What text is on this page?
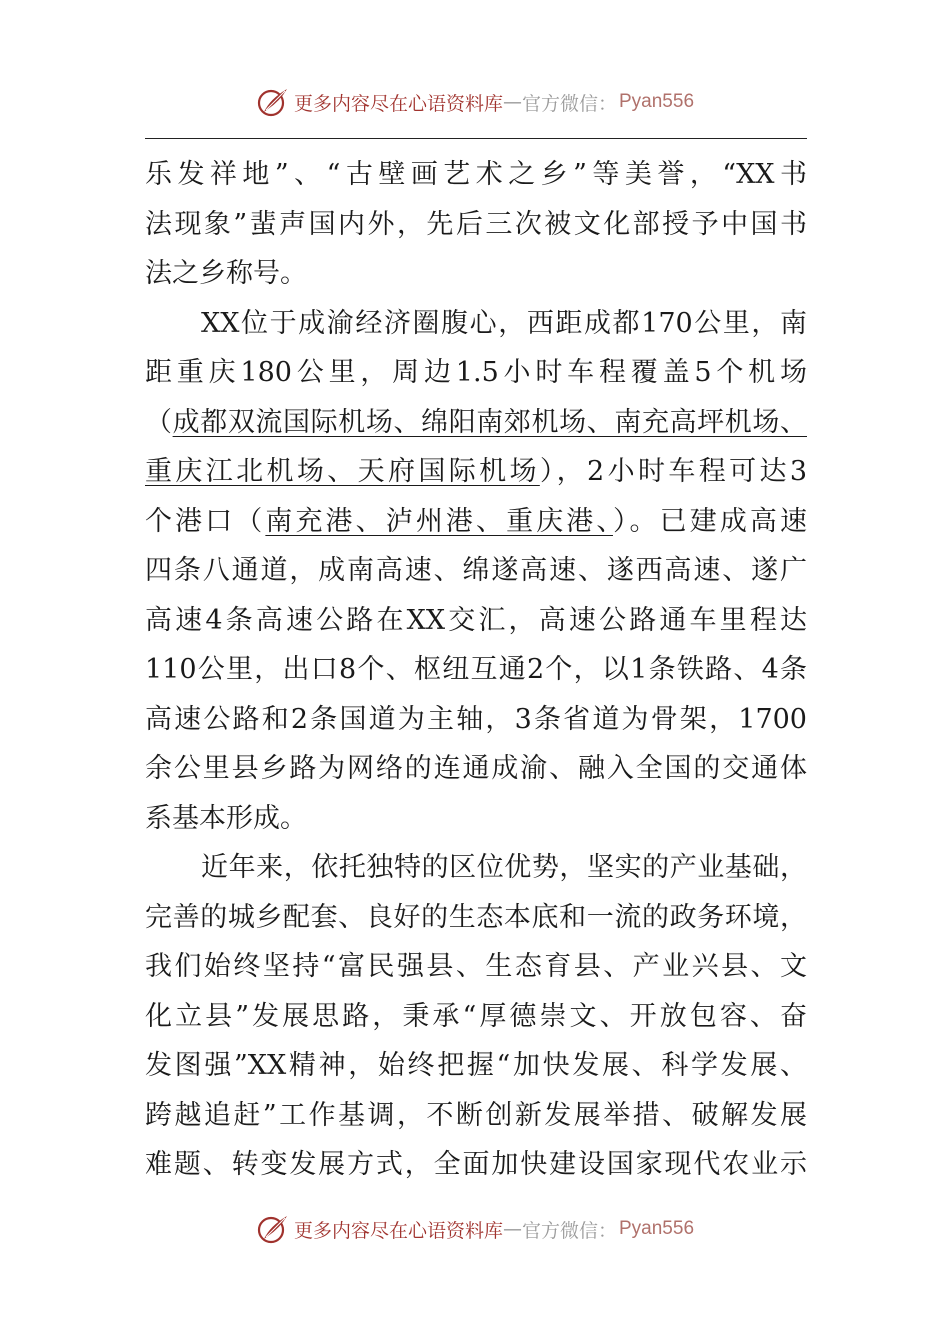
更多内容尽在心语资料库 — 官方微信： Pyan556
乐发祥地”、“古壁画艺术之乡”等美誉，“XX书
法现象”蜚声国内外，先后三次被文化部授予中国书
法之乡称号。
XX位于成渝经济圈腹心，西距成都170公里，南
距重庆180公里，周边1.5小时车程覆盖5个机场
（成都双流国际机场、绵阳南郊机场、南充高坪机场、
重庆江北机场、天府国际机场），2小时车程可达3
个港口（南充港、泸州港、重庆港、）。已建成高速
四条八通道，成南高速、绵遂高速、遂西高速、遂广
高速4条高速公路在XX交汇，高速公路通车里程达
110公里，出口8个、枢纽互通2个，以1条铁路、4条
高速公路和2条国道为主轴，3条省道为骨架，1700
余公里县乡路为网络的连通成渝、融入全国的交通体
系基本形成。
近年来，依托独特的区位优势，坚实的产业基础，
完善的城乡配套、良好的生态本底和一流的政务环境，
我们始终坚持“富民强县、生态育县、产业兴县、文
化立县”发展思路，秉承“厚德崇文、开放包容、奋
发图强”XX精神，始终把握“加快发展、科学发展、
跨越追赶”工作基调，不断创新发展举措、破解发展
难题、转变发展方式，全面加快建设国家现代农业示
更多内容尽在心语资料库 — 官方微信： Pyan556
